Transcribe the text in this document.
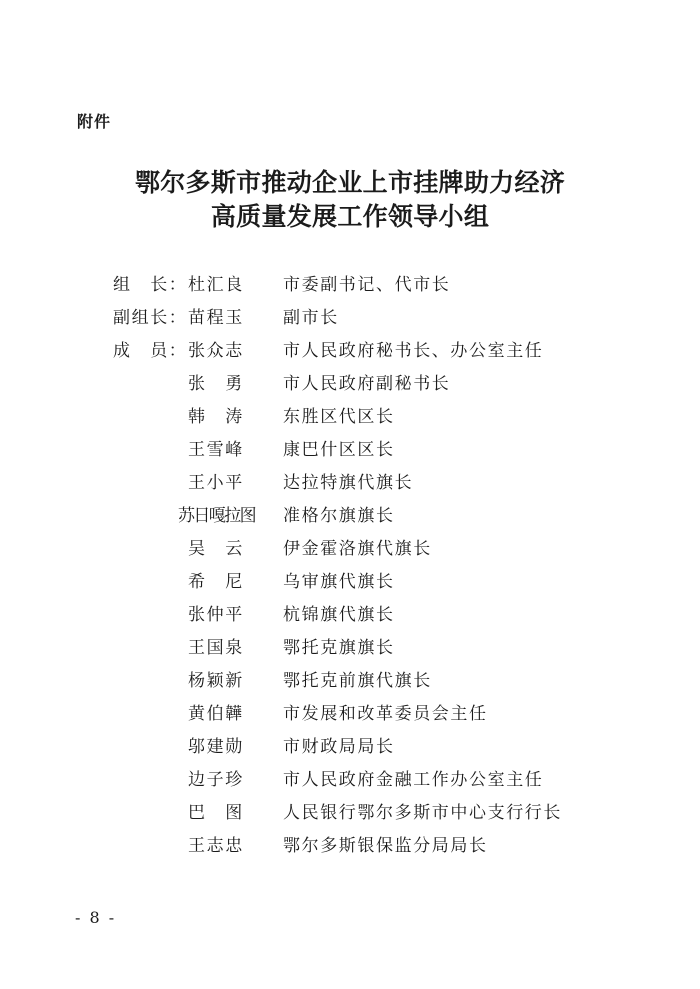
附件
鄂尔多斯市推动企业上市挂牌助力经济
高质量发展工作领导小组
组　长： 杜汇良 市委副书记、代市长
副组长： 苗程玉 副市长
成　员： 张众志 市人民政府秘书长、办公室主任
张　勇 市人民政府副秘书长
韩　涛 东胜区代区长
王雪峰 康巴什区区长
王小平 达拉特旗代旗长
苏日嘎拉图 准格尔旗旗长
吴　云 伊金霍洛旗代旗长
希　尼 乌审旗代旗长
张仲平 杭锦旗代旗长
王国泉 鄂托克旗旗长
杨颖新 鄂托克前旗代旗长
黄伯韡 市发展和改革委员会主任
邬建勋 市财政局局长
边子珍 市人民政府金融工作办公室主任
巴　图 人民银行鄂尔多斯市中心支行行长
王志忠 鄂尔多斯银保监分局局长
- 8 -
